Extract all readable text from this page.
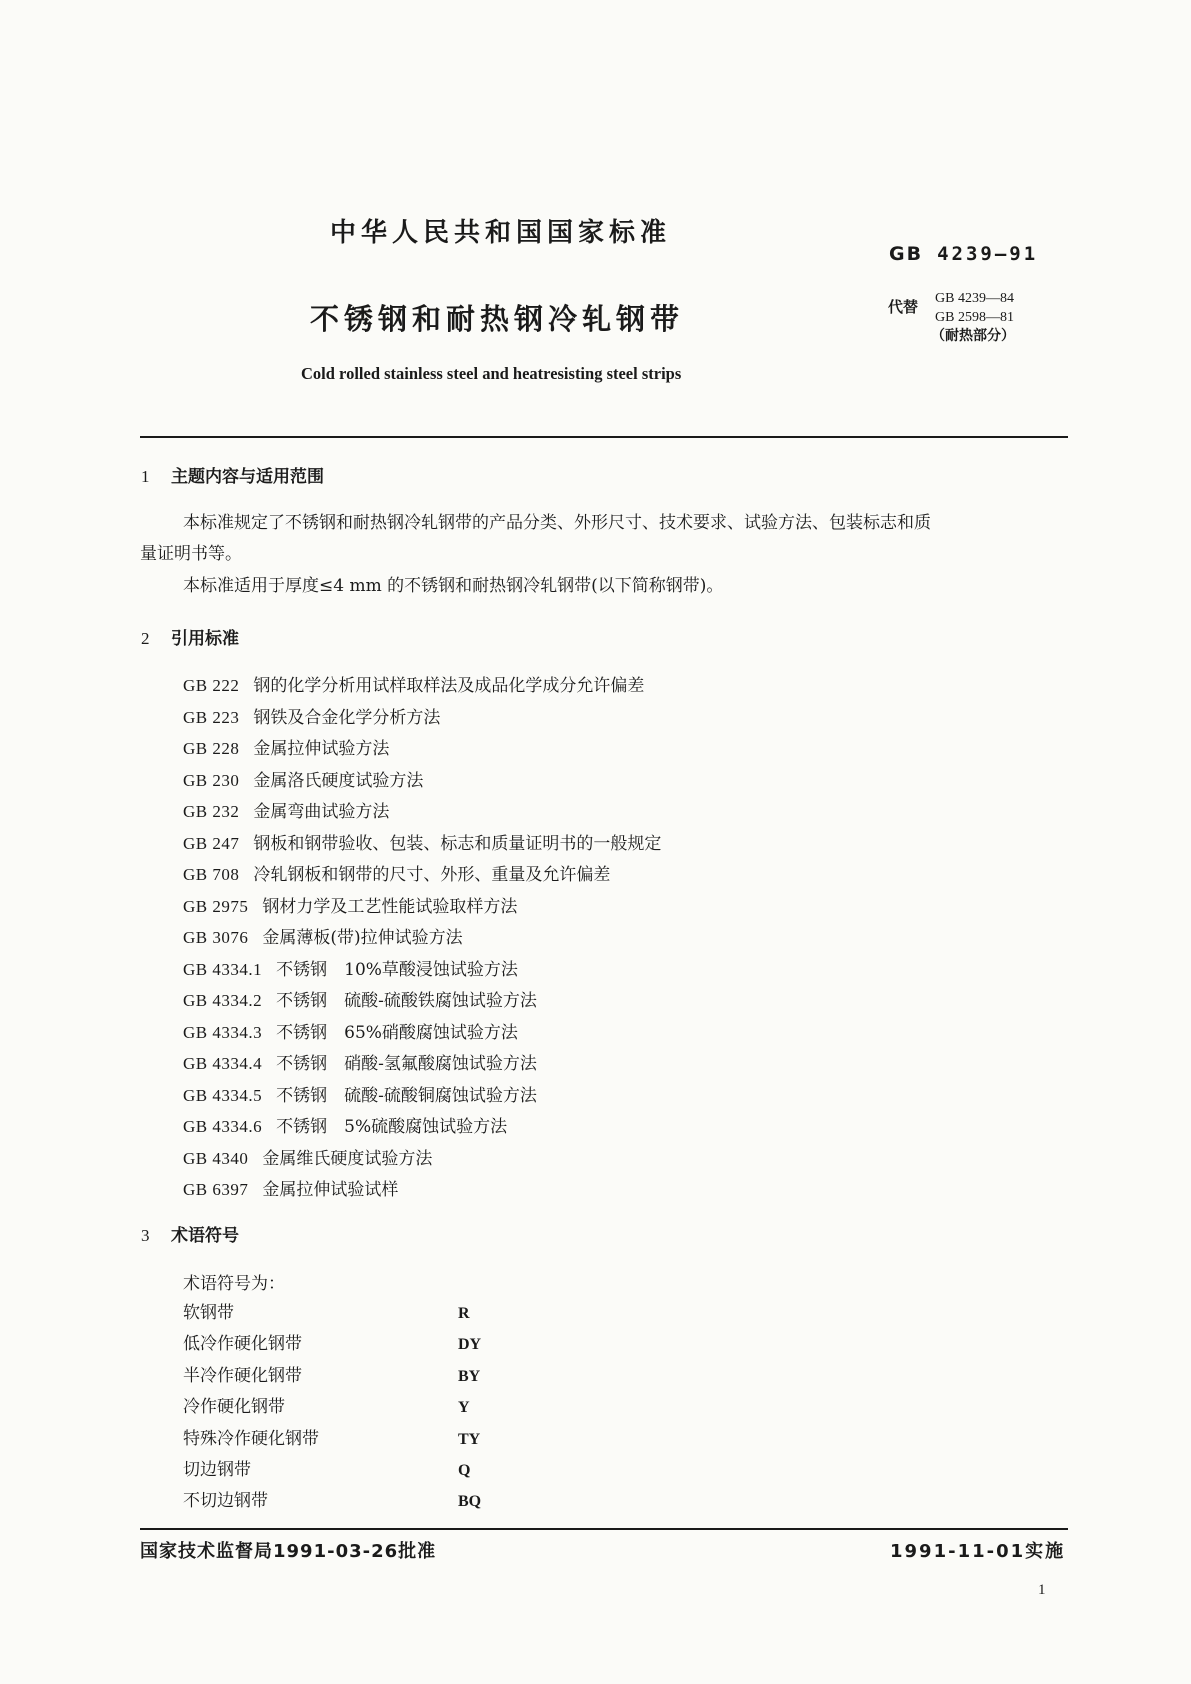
中华人民共和国国家标准
GB 4239—91
不锈钢和耐热钢冷轧钢带	代替 GB 4239—84
GB 2598—81
（耐热部分）
Cold rolled stainless steel and heatresisting steel strips
1 主题内容与适用范围
本标准规定了不锈钢和耐热钢冷轧钢带的产品分类、外形尺寸、技术要求、试验方法、包装标志和质
量证明书等。
本标准适用于厚度≤4 mm 的不锈钢和耐热钢冷轧钢带(以下简称钢带)。
2 引用标准
GB 222 钢的化学分析用试样取样法及成品化学成分允许偏差
GB 223 钢铁及合金化学分析方法
GB 228 金属拉伸试验方法
GB 230 金属洛氏硬度试验方法
GB 232 金属弯曲试验方法
GB 247 钢板和钢带验收、包装、标志和质量证明书的一般规定
GB 708 冷轧钢板和钢带的尺寸、外形、重量及允许偏差
GB 2975 钢材力学及工艺性能试验取样方法
GB 3076 金属薄板(带)拉伸试验方法
GB 4334.1 不锈钢　10%草酸浸蚀试验方法
GB 4334.2 不锈钢　硫酸-硫酸铁腐蚀试验方法
GB 4334.3 不锈钢　65%硝酸腐蚀试验方法
GB 4334.4 不锈钢　硝酸-氢氟酸腐蚀试验方法
GB 4334.5 不锈钢　硫酸-硫酸铜腐蚀试验方法
GB 4334.6 不锈钢　5%硫酸腐蚀试验方法
GB 4340 金属维氏硬度试验方法
GB 6397 金属拉伸试验试样
3 术语符号
术语符号为：
软钢带	R
低冷作硬化钢带	DY
半冷作硬化钢带	BY
冷作硬化钢带	Y
特殊冷作硬化钢带	TY
切边钢带	Q
不切边钢带	BQ
国家技术监督局1991-03-26批准	1991-11-01实施
1
